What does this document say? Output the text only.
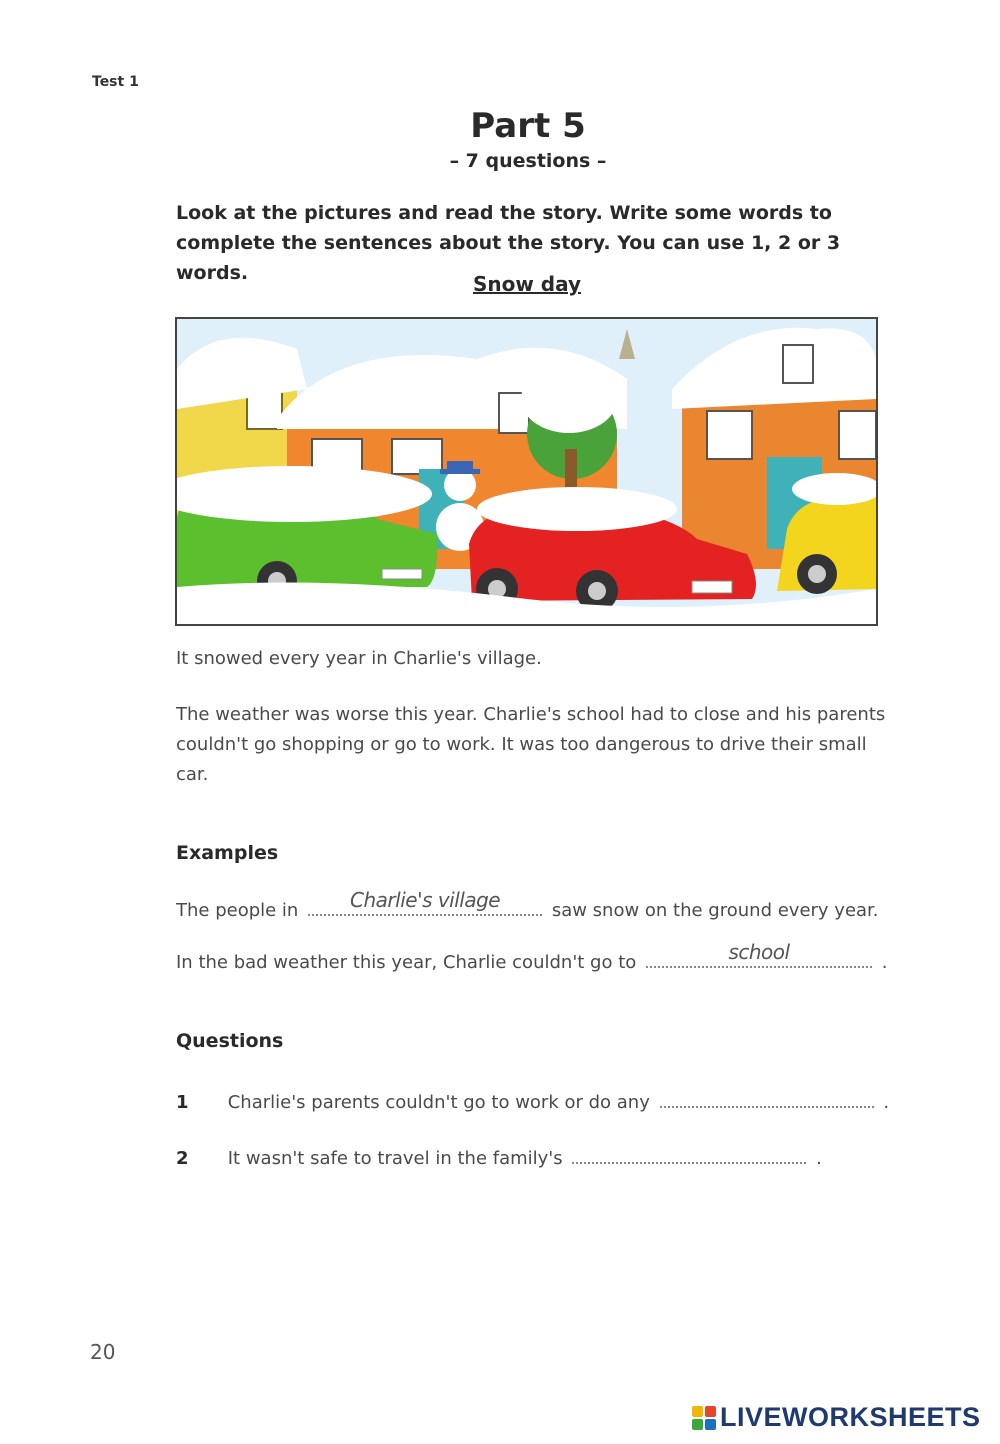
Test 1
Part 5
– 7 questions –
Look at the pictures and read the story. Write some words to complete the sentences about the story. You can use 1, 2 or 3 words.	Snow day
It snowed every year in Charlie's village.
The weather was worse this year. Charlie's school had to close and his parents couldn't go shopping or go to work. It was too dangerous to drive their small car.
Examples
The people in	Charlie's village	saw snow on the ground every year.
In the bad weather this year, Charlie couldn't go to	school	.
Questions
1 Charlie's parents couldn't go to work or do any	.
2 It wasn't safe to travel in the family's	.
20
LIVEWORKSHEETS
